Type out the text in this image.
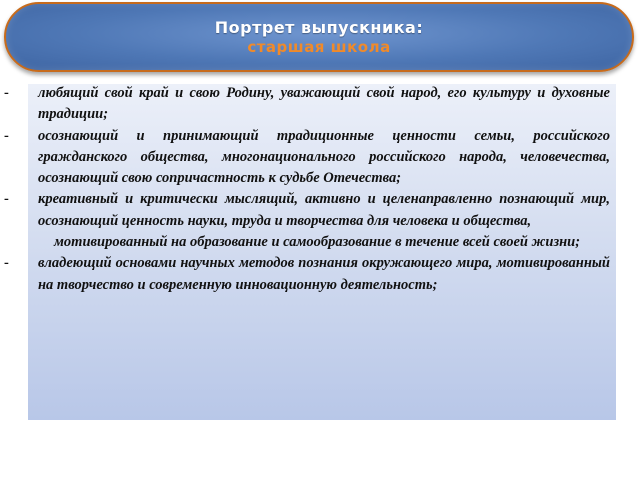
Портрет выпускника:
старшая школа
- любящий свой край и свою Родину, уважающий свой народ, его культуру и духовные традиции;
- осознающий и принимающий традиционные ценности семьи, российского гражданского общества, многонационального российского народа, человечества, осознающий свою сопричастность к судьбе Отечества;
- креативный и критически мыслящий, активно и целенаправленно познающий мир, осознающий ценность науки, труда и творчества для человека и общества,
мотивированный на образование и самообразование в течение всей своей жизни;
- владеющий основами научных методов познания окружающего мира, мотивированный на творчество и современную инновационную деятельность;
